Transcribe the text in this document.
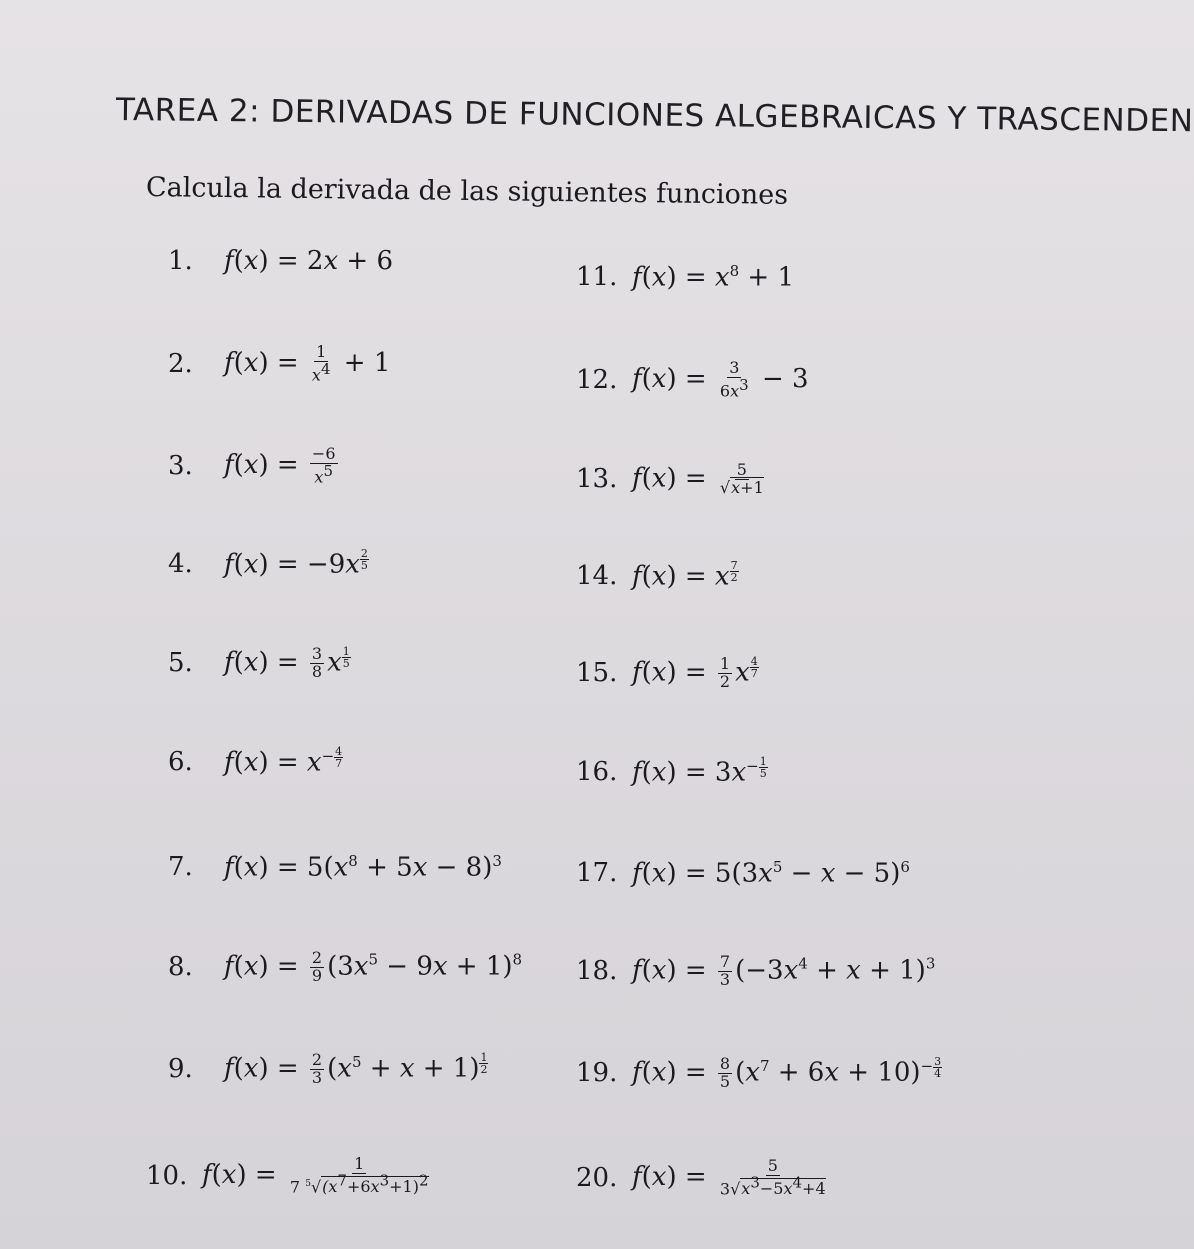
TAREA 2: DERIVADAS DE FUNCIONES ALGEBRAICAS Y TRASCENDEN
Calcula la derivada de las siguientes funciones
1.	f(x) = 2x + 6
2.	$f(x) = \frac{1}{x^4} + 1$
3.	$f(x) = \frac{-6}{x^5}$
4.	f(x) = −9x $^{\frac{2}{5}}$
5.	$f(x) = \frac{3}{8}$ x $^{\frac{1}{5}}$
6.	$f(x) = x^{- \frac{4}{7}}$
7.	$f(x) = 5(x^8 + 5x - 8)^3$
8.	$f(x) = \frac{2}{9} (3x^5 - 9x + 1)^8$
9.	$f(x) = \frac{2}{3} (x^5 + x + 1)$ $^{\frac{1}{2}}$
10. $f(x) = \frac{1}{7 ^5√(x^7+6x^3+1)^2}$
11. $f(x) = x^8 + 1$
12. $f(x) = \frac{3}{6x^3} - 3$
13. $f(x) = \frac{5}{√x+1}$
14. f(x) = x $^{\frac{7}{2}}$
15. $f(x) = \frac{1}{2}$ x $^{\frac{4}{7}}$
16. $f(x) = 3x^{- \frac{1}{5}}$
17. $f(x) = 5(3x^5 - x - 5)^6$
18. $f(x) = \frac{7}{3} (-3x^4 + x + 1)^3$
19. $f(x) = \frac{8}{5} (x^7 + 6x + 10)^{- \frac{3}{4}}$
20. $f(x) = \frac{5}{3√x^3-5x^4+4}$
